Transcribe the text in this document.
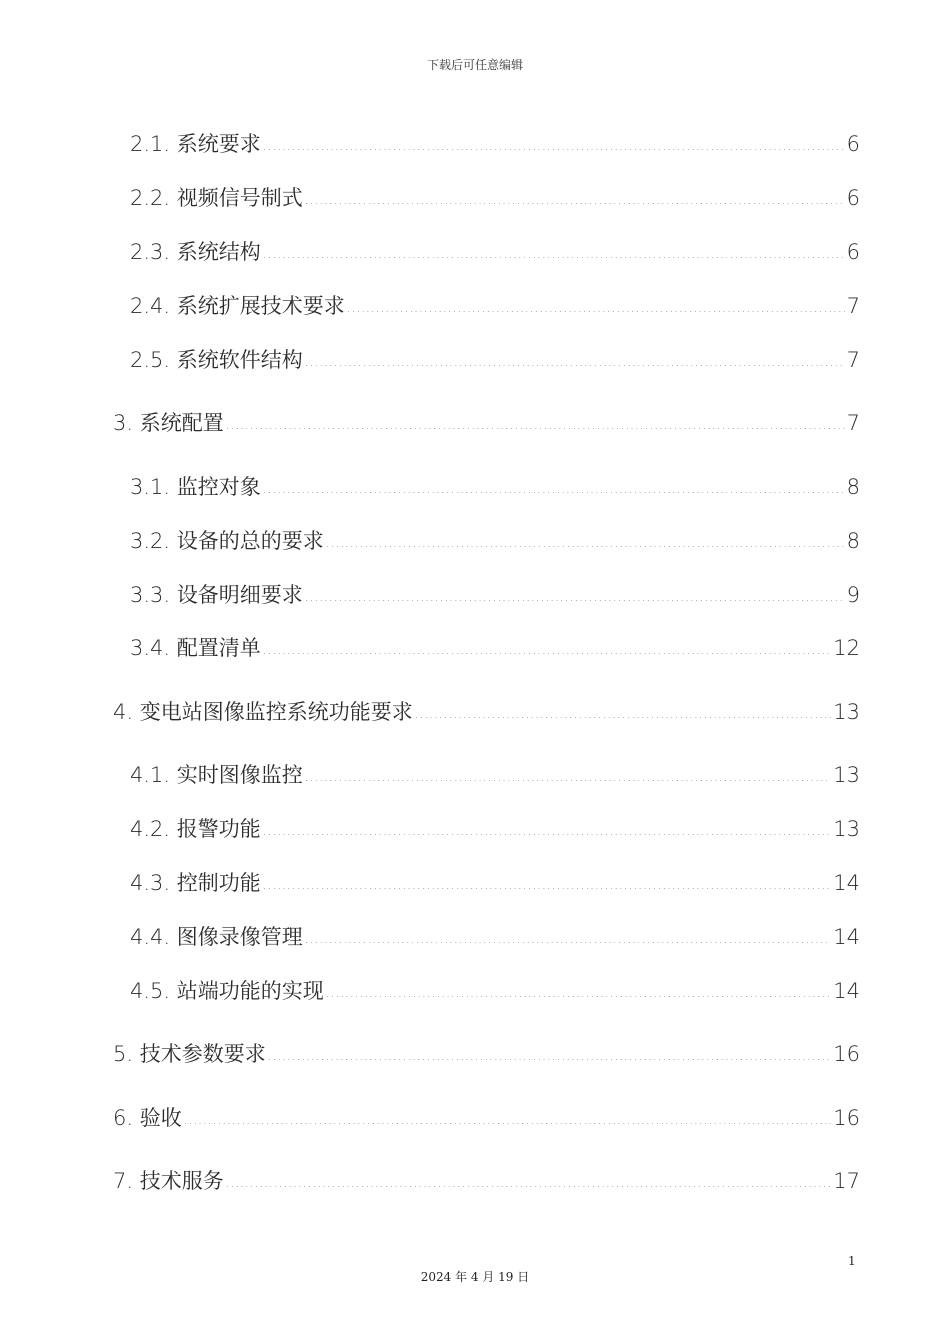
下载后可任意编辑
2.1. 系统要求 .....	6
2.2. 视频信号制式 .....	6
2.3. 系统结构 .....	6
2.4. 系统扩展技术要求 .....	7
2.5. 系统软件结构 .....	7
3. 系统配置 .....	7
3.1. 监控对象 .....	8
3.2. 设备的总的要求 .....	8
3.3. 设备明细要求 .....	9
3.4. 配置清单 .....	12
4. 变电站图像监控系统功能要求 .....	13
4.1. 实时图像监控 .....	13
4.2. 报警功能 .....	13
4.3. 控制功能 .....	14
4.4. 图像录像管理 .....	14
4.5. 站端功能的实现 .....	14
5. 技术参数要求 .....	16
6. 验收 .....	16
7. 技术服务 .....	17
1
2024 年 4 月 19 日
